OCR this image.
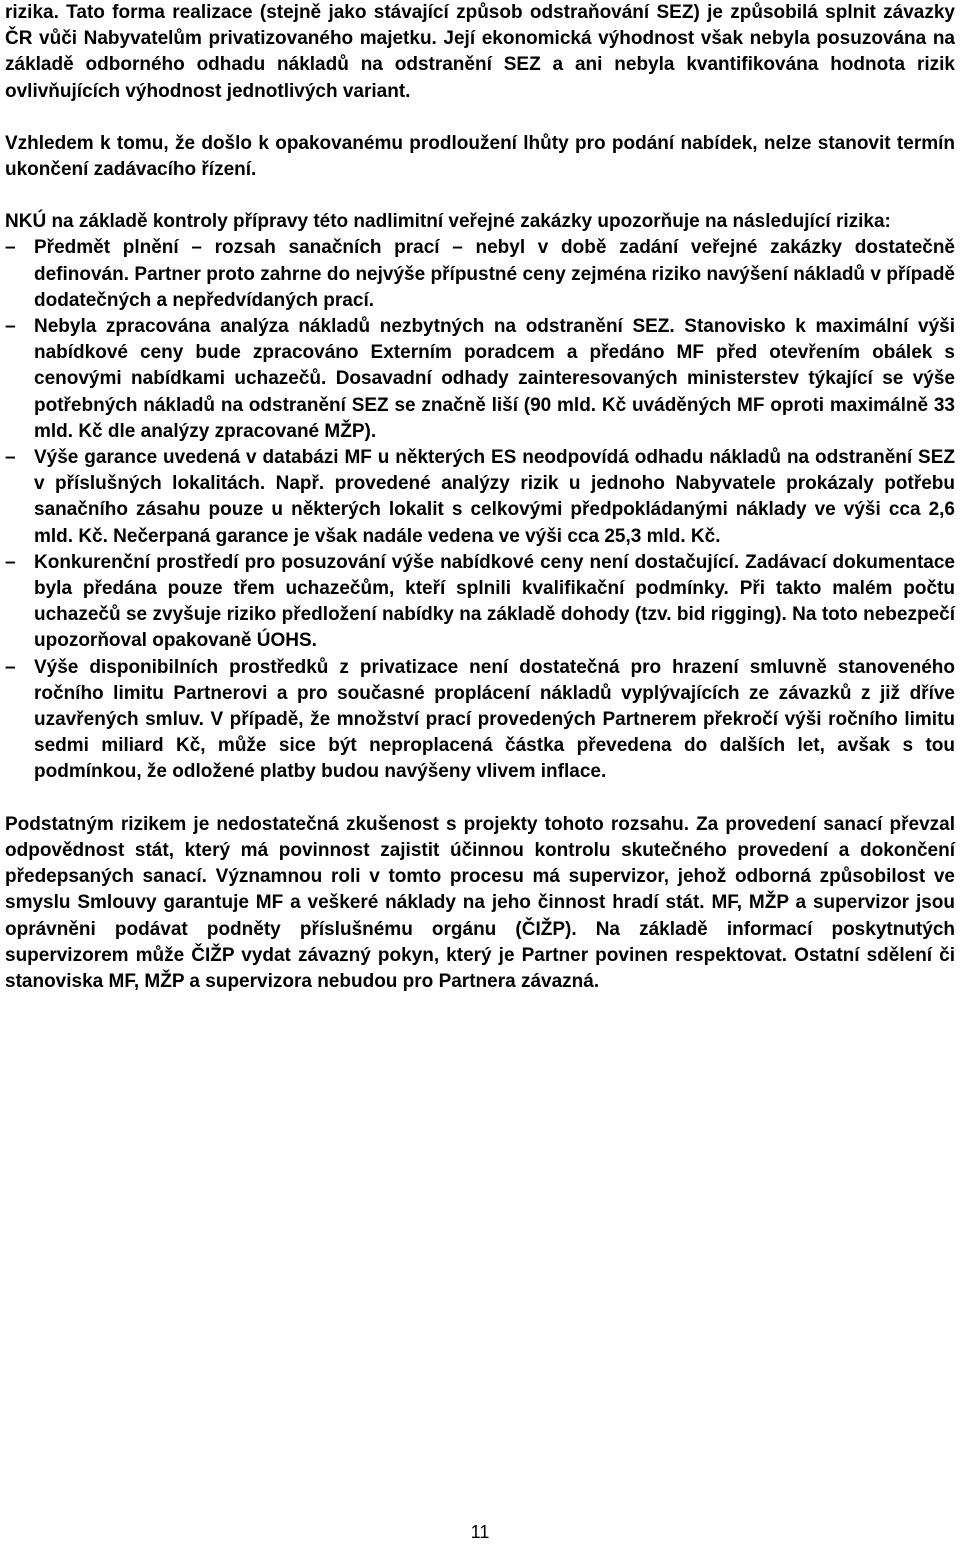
rizika. Tato forma realizace (stejně jako stávající způsob odstraňování SEZ) je způsobilá splnit závazky ČR vůči Nabyvatelům privatizovaného majetku. Její ekonomická výhodnost však nebyla posuzována na základě odborného odhadu nákladů na odstranění SEZ a ani nebyla kvantifikována hodnota rizik ovlivňujících výhodnost jednotlivých variant.

Vzhledem k tomu, že došlo k opakovanému prodloužení lhůty pro podání nabídek, nelze stanovit termín ukončení zadávacího řízení.

NKÚ na základě kontroly přípravy této nadlimitní veřejné zakázky upozorňuje na následující rizika:

– Předmět plnění – rozsah sanačních prací – nebyl v době zadání veřejné zakázky dostatečně definován. Partner proto zahrne do nejvýše přípustné ceny zejména riziko navýšení nákladů v případě dodatečných a nepředvídaných prací.
– Nebyla zpracována analýza nákladů nezbytných na odstranění SEZ. Stanovisko k maximální výši nabídkové ceny bude zpracováno Externím poradcem a předáno MF před otevřením obálek s cenovými nabídkami uchazečů. Dosavadní odhady zainteresovaných ministerstev týkající se výše potřebných nákladů na odstranění SEZ se značně liší (90 mld. Kč uváděných MF oproti maximálně 33 mld. Kč dle analýzy zpracované MŽP).
– Výše garance uvedená v databázi MF u některých ES neodpovídá odhadu nákladů na odstranění SEZ v příslušných lokalitách. Např. provedené analýzy rizik u jednoho Nabyvatele prokázaly potřebu sanačního zásahu pouze u některých lokalit s celkovými předpokládanými náklady ve výši cca 2,6 mld. Kč. Nečerpaná garance je však nadále vedena ve výši cca 25,3 mld. Kč.
– Konkurenční prostředí pro posuzování výše nabídkové ceny není dostačující. Zadávací dokumentace byla předána pouze třem uchazečům, kteří splnili kvalifikační podmínky. Při takto malém počtu uchazečů se zvyšuje riziko předložení nabídky na základě dohody (tzv. bid rigging). Na toto nebezpečí upozorňoval opakovaně ÚOHS.
– Výše disponibilních prostředků z privatizace není dostatečná pro hrazení smluvně stanoveného ročního limitu Partnerovi a pro současné proplácení nákladů vyplývajících ze závazků z již dříve uzavřených smluv. V případě, že množství prací provedených Partnerem překročí výši ročního limitu sedmi miliard Kč, může sice být neproplacená částka převedena do dalších let, avšak s tou podmínkou, že odložené platby budou navýšeny vlivem inflace.

Podstatným rizikem je nedostatečná zkušenost s projekty tohoto rozsahu. Za provedení sanací převzal odpovědnost stát, který má povinnost zajistit účinnou kontrolu skutečného provedení a dokončení předepsaných sanací. Významnou roli v tomto procesu má supervizor, jehož odborná způsobilost ve smyslu Smlouvy garantuje MF a veškeré náklady na jeho činnost hradí stát. MF, MŽP a supervizor jsou oprávněni podávat podněty příslušnému orgánu (ČIŽP). Na základě informací poskytnutých supervizorem může ČIŽP vydat závazný pokyn, který je Partner povinen respektovat. Ostatní sdělení či stanoviska MF, MŽP a supervizora nebudou pro Partnera závazná.

11
